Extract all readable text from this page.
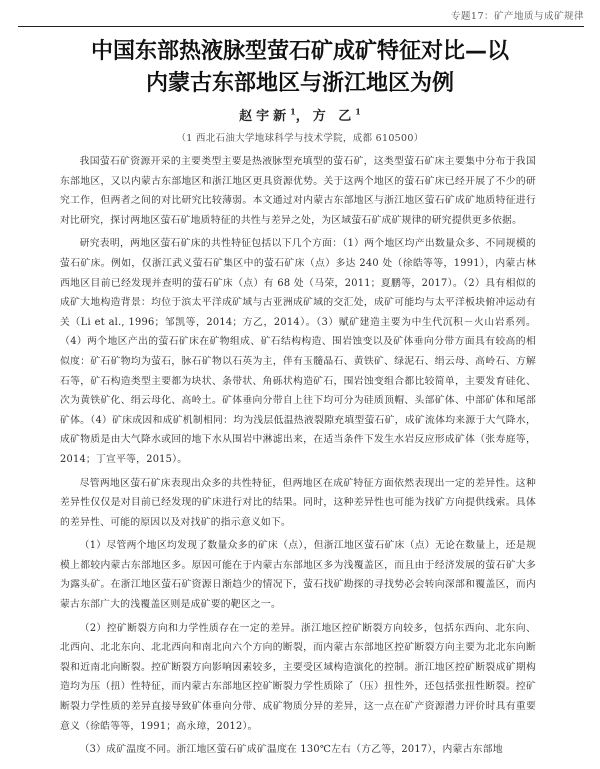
专题17：矿产地质与成矿规律
中国东部热液脉型萤石矿成矿特征对比—以
内蒙古东部地区与浙江地区为例
赵宇新$^1$，方 乙$^1$
（1 西北石油大学地球科学与技术学院，成都 610500）

我国萤石矿资源开采的主要类型主要是热液脉型充填型的萤石矿，这类型萤石矿床主要集中分布于我国东部地区，又以内蒙古东部地区和浙江地区更具资源优势。关于这两个地区的萤石矿床已经开展了不少的研究工作，但两者之间的对比研究比较薄弱。本文通过对内蒙古东部地区与浙江地区萤石矿成矿地质特征进行对比研究，探讨两地区萤石矿地质特征的共性与差异之处，为区域萤石矿成矿规律的研究提供更多依据。

研究表明，两地区萤石矿床的共性特征包括以下几个方面：（1）两个地区均产出数量众多、不同规模的萤石矿床。例如，仅浙江武义萤石矿集区中的萤石矿床（点）多达 240 处（徐皓等等，1991），内蒙古林西地区目前已经发现并查明的萤石矿床（点）有 68 处（马荣，2011；夏鹏等，2017）。（2）具有相似的成矿大地构造背景：均位于滨太平洋成矿域与古亚洲成矿域的交汇处，成矿可能均与太平洋板块俯冲运动有关（Li et al., 1996；邹凯等，2014；方乙，2014）。（3）赋矿建造主要为中生代沉积－火山岩系列。（4）两个地区产出的萤石矿床在矿物组成、矿石结构构造、围岩蚀变以及矿体垂向分带方面具有较高的相似度：矿石矿物均为萤石，脉石矿物以石英为主，伴有玉髓晶石、黄铁矿、绿泥石、绢云母、高岭石、方解石等，矿石构造类型主要都为块状、条带状、角砾状构造矿石，围岩蚀变组合都比较简单，主要发育硅化、次为黄铁矿化、绢云母化、高岭土。矿体垂向分带自上往下均可分为硅质顶帽、头部矿体、中部矿体和尾部矿体。（4）矿床成因和成矿机制相同：均为浅层低温热液裂隙充填型萤石矿，成矿流体均来源于大气降水，成矿物质是由大气降水或回的地下水从围岩中淋滤出来，在适当条件下发生水岩反应形成矿体（张寿庭等，2014；丁宣平等，2015）。

尽管两地区萤石矿床表现出众多的共性特征，但两地区在成矿特征方面依然表现出一定的差异性。这种差异性仅仅是对目前已经发现的矿床进行对比的结果。同时，这种差异性也可能为找矿方向提供线索。具体的差异性、可能的原因以及对找矿的指示意义如下。

（1）尽管两个地区均发现了数量众多的矿床（点），但浙江地区萤石矿床（点）无论在数量上，还是规模上都较内蒙古东部地区多。原因可能在于内蒙古东部地区多为浅覆盖区，而且由于经济发展的萤石矿大多为露头矿。在浙江地区萤石矿资源日渐趋少的情况下，萤石找矿勘探的寻找势必会转向深部和覆盖区，而内蒙古东部广大的浅覆盖区则是成矿要的靶区之一。

（2）控矿断裂方向和力学性质存在一定的差异。浙江地区控矿断裂方向较多，包括东西向、北东向、北西向、北北东向、北北西向和南北向六个方向的断裂，而内蒙古东部地区控矿断裂方向主要为北北东向断裂和近南北向断裂。控矿断裂方向影响因素较多，主要受区域构造演化的控制。浙江地区控矿断裂成矿期构造均为压（扭）性特征，而内蒙古东部地区控矿断裂力学性质除了（压）扭性外，还包括张扭性断裂。控矿断裂力学性质的差异直接导致矿体垂向分带、成矿物质分异的差异，这一点在矿产资源潜力评价时具有重要意义（徐皓等等，1991；高永璋，2012）。

（3）成矿温度不同。浙江地区萤石矿成矿温度在 130℃左右（方乙等，2017），内蒙古东部地
